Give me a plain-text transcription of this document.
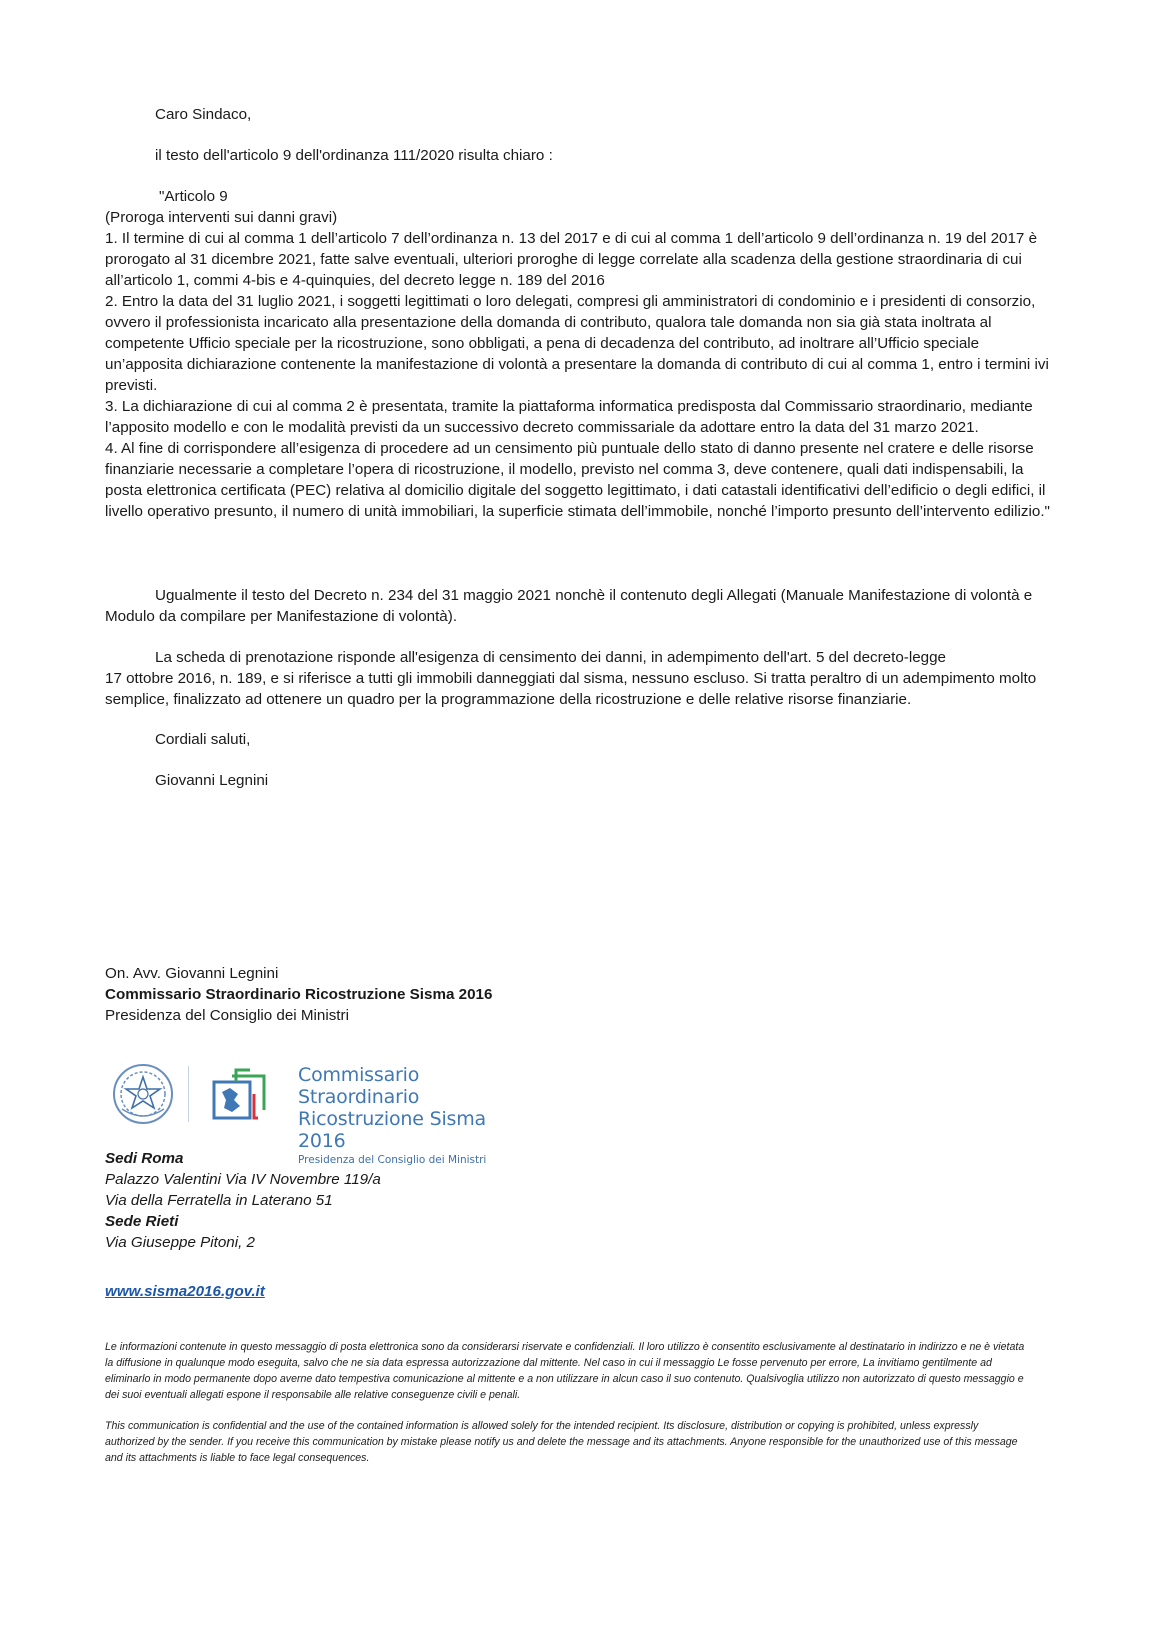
Caro Sindaco,

il testo dell'articolo 9 dell'ordinanza 111/2020 risulta chiaro :

"Articolo 9

(Proroga interventi sui danni gravi)

1. Il termine di cui al comma 1 dell’articolo 7 dell’ordinanza n. 13 del 2017 e di cui al comma 1 dell’articolo 9 dell’ordinanza n. 19 del 2017 è prorogato al 31 dicembre 2021, fatte salve eventuali, ulteriori proroghe di legge correlate alla scadenza della gestione straordinaria di cui all’articolo 1, commi 4-bis e 4-quinquies, del decreto legge n. 189 del 2016

2. Entro la data del 31 luglio 2021, i soggetti legittimati o loro delegati, compresi gli amministratori di condominio e i presidenti di consorzio, ovvero il professionista incaricato alla presentazione della domanda di contributo, qualora tale domanda non sia già stata inoltrata al competente Ufficio speciale per la ricostruzione, sono obbligati, a pena di decadenza del contributo, ad inoltrare all’Ufficio speciale un’apposita dichiarazione contenente la manifestazione di volontà a presentare la domanda di contributo di cui al comma 1, entro i termini ivi previsti.

3. La dichiarazione di cui al comma 2 è presentata, tramite la piattaforma informatica predisposta dal Commissario straordinario, mediante l’apposito modello e con le modalità previsti da un successivo decreto commissariale da adottare entro la data del 31 marzo 2021.

4. Al fine di corrispondere all’esigenza di procedere ad un censimento più puntuale dello stato di danno presente nel cratere e delle risorse finanziarie necessarie a completare l’opera di ricostruzione, il modello, previsto nel comma 3, deve contenere, quali dati indispensabili, la posta elettronica certificata (PEC) relativa al domicilio digitale del soggetto legittimato, i dati catastali identificativi dell’edificio o degli edifici, il livello operativo presunto, il numero di unità immobiliari, la superficie stimata dell’immobile, nonché l’importo presunto dell’intervento edilizio."

Ugualmente il testo del Decreto n. 234 del 31 maggio 2021 nonchè il contenuto degli Allegati (Manuale Manifestazione di volontà e Modulo da compilare per Manifestazione di volontà).

La scheda di prenotazione risponde all'esigenza di censimento dei danni, in adempimento dell'art. 5 del decreto-legge

17 ottobre 2016, n. 189, e si riferisce a tutti gli immobili danneggiati dal sisma, nessuno escluso. Si tratta peraltro di un adempimento molto semplice, finalizzato ad ottenere un quadro per la programmazione della ricostruzione e delle relative risorse finanziarie.

Cordiali saluti,

Giovanni Legnini

On. Avv. Giovanni Legnini

Commissario Straordinario Ricostruzione Sisma 2016

Presidenza del Consiglio dei Ministri

Commissario Straordinario
Ricostruzione Sisma 2016
Presidenza del Consiglio dei Ministri

Sedi Roma

Palazzo Valentini Via IV Novembre 119/a

Via della Ferratella in Laterano 51

Sede Rieti

Via Giuseppe Pitoni, 2

www.sisma2016.gov.it

Le informazioni contenute in questo messaggio di posta elettronica sono da considerarsi riservate e confidenziali. Il loro utilizzo è consentito esclusivamente al destinatario in indirizzo e ne è vietata la diffusione in qualunque modo eseguita, salvo che ne sia data espressa autorizzazione dal mittente. Nel caso in cui il messaggio Le fosse pervenuto per errore, La invitiamo gentilmente ad eliminarlo in modo permanente dopo averne dato tempestiva comunicazione al mittente e a non utilizzare in alcun caso il suo contenuto. Qualsivoglia utilizzo non autorizzato di questo messaggio e dei suoi eventuali allegati espone il responsabile alle relative conseguenze civili e penali.

This communication is confidential and the use of the contained information is allowed solely for the intended recipient. Its disclosure, distribution or copying is prohibited, unless expressly authorized by the sender. If you receive this communication by mistake please notify us and delete the message and its attachments. Anyone responsible for the unauthorized use of this message and its attachments is liable to face legal consequences.
